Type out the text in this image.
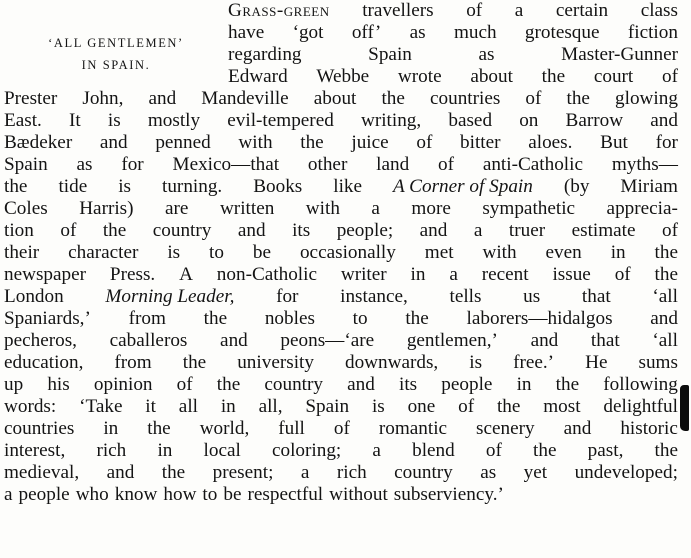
‘ALL GENTLEMEN’
IN SPAIN.
Grass-green travellers of a certain class
have ‘got off’ as much grotesque fiction
regarding	Spain	as	Master-Gunner
Edward Webbe wrote about the court of
Prester John, and Mandeville about the countries of the glowing
East. It is mostly evil-tempered writing, based on Barrow and
Bædeker and penned with the juice of bitter aloes. But for
Spain as for Mexico—that other land of anti-Catholic myths—
the tide is turning. Books like A Corner of Spain (by Miriam
Coles Harris) are written with a more sympathetic apprecia-
tion of the country and its people; and a truer estimate of
their character is to be occasionally met with even in the
newspaper Press. A non-Catholic writer in a recent issue of the
London Morning Leader, for instance, tells us that ‘all
Spaniards,’ from the nobles to the laborers—hidalgos and
pecheros, caballeros and peons—‘are gentlemen,’ and that ‘all
education, from the university downwards, is free.’ He sums
up his opinion of the country and its people in the following
words: ‘Take it all in all, Spain is one of the most delightful
countries in the world, full of romantic scenery and historic
interest, rich in local coloring; a blend of the past, the
medieval, and the present; a rich country as yet undeveloped;
a people who know how to be respectful without subserviency.’
